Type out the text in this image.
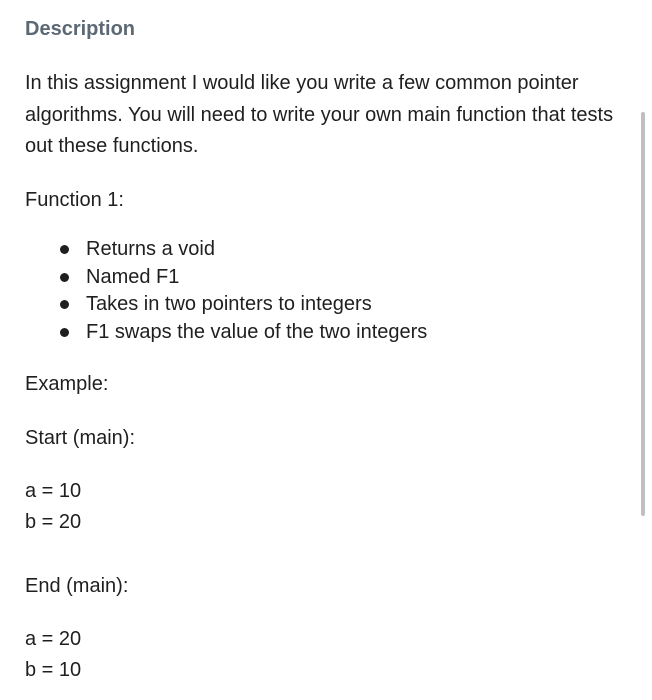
Description

In this assignment I would like you write a few common pointer algorithms. You will need to write your own main function that tests out these functions.

Function 1:

Returns a void
Named F1
Takes in two pointers to integers
F1 swaps the value of the two integers

Example:

Start (main):

a = 10

b = 20

End (main):

a = 20

b = 10
